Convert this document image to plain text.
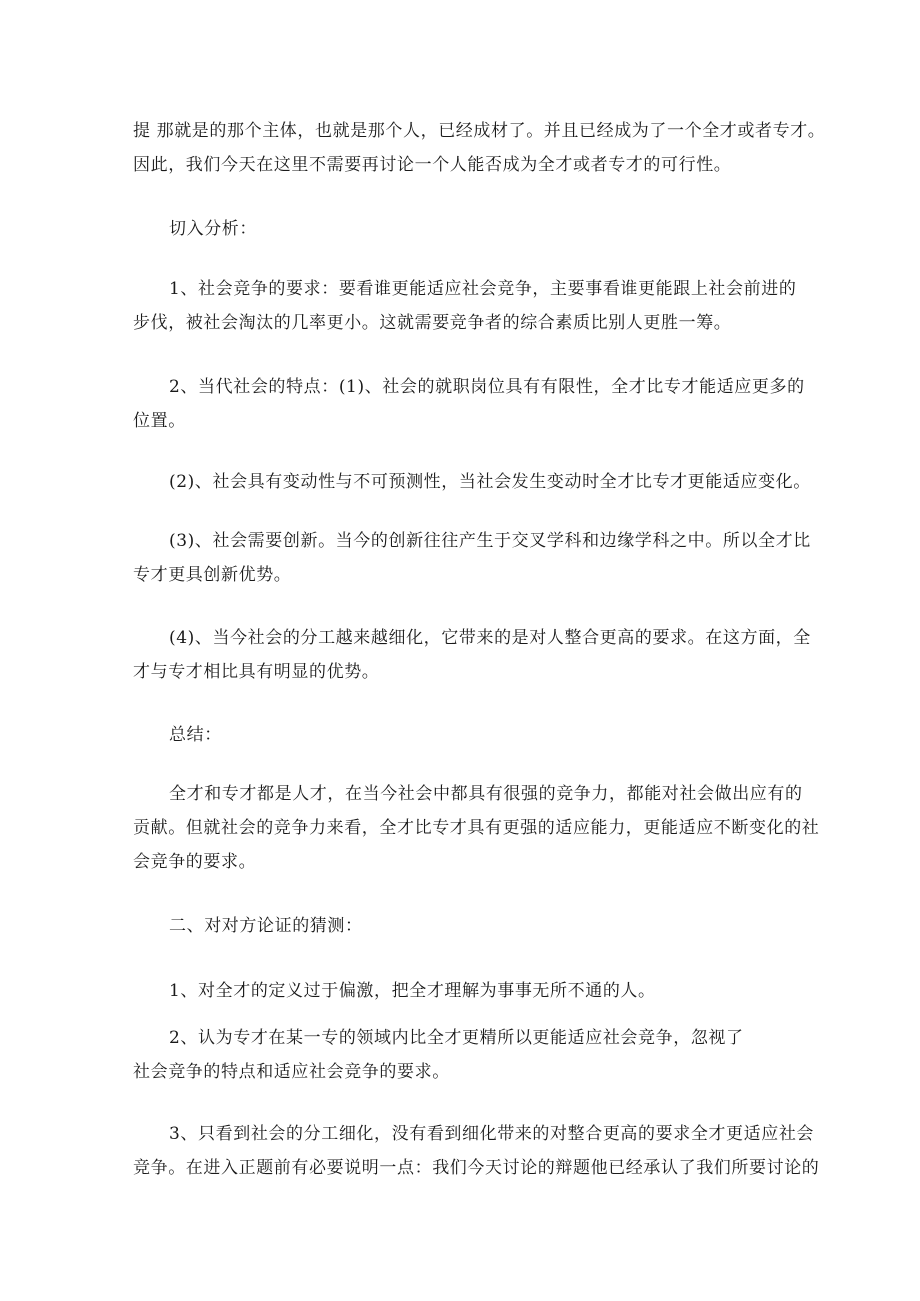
提 那就是的那个主体，也就是那个人，已经成材了。并且已经成为了一个全才或者专才。
因此，我们今天在这里不需要再讨论一个人能否成为全才或者专才的可行性。
切入分析：
1、社会竞争的要求：要看谁更能适应社会竞争，主要事看谁更能跟上社会前进的
步伐，被社会淘汰的几率更小。这就需要竞争者的综合素质比别人更胜一筹。
2、当代社会的特点：(1)、社会的就职岗位具有有限性，全才比专才能适应更多的
位置。
(2)、社会具有变动性与不可预测性，当社会发生变动时全才比专才更能适应变化。
(3)、社会需要创新。当今的创新往往产生于交叉学科和边缘学科之中。所以全才比
专才更具创新优势。
(4)、当今社会的分工越来越细化，它带来的是对人整合更高的要求。在这方面，全
才与专才相比具有明显的优势。
总结：
全才和专才都是人才，在当今社会中都具有很强的竞争力，都能对社会做出应有的
贡献。但就社会的竞争力来看，全才比专才具有更强的适应能力，更能适应不断变化的社
会竞争的要求。
二、对对方论证的猜测：
1、对全才的定义过于偏激，把全才理解为事事无所不通的人。
2、认为专才在某一专的领域内比全才更精所以更能适应社会竞争，忽视了
社会竞争的特点和适应社会竞争的要求。
3、只看到社会的分工细化，没有看到细化带来的对整合更高的要求全才更适应社会
竞争。在进入正题前有必要说明一点：我们今天讨论的辩题他已经承认了我们所要讨论的
